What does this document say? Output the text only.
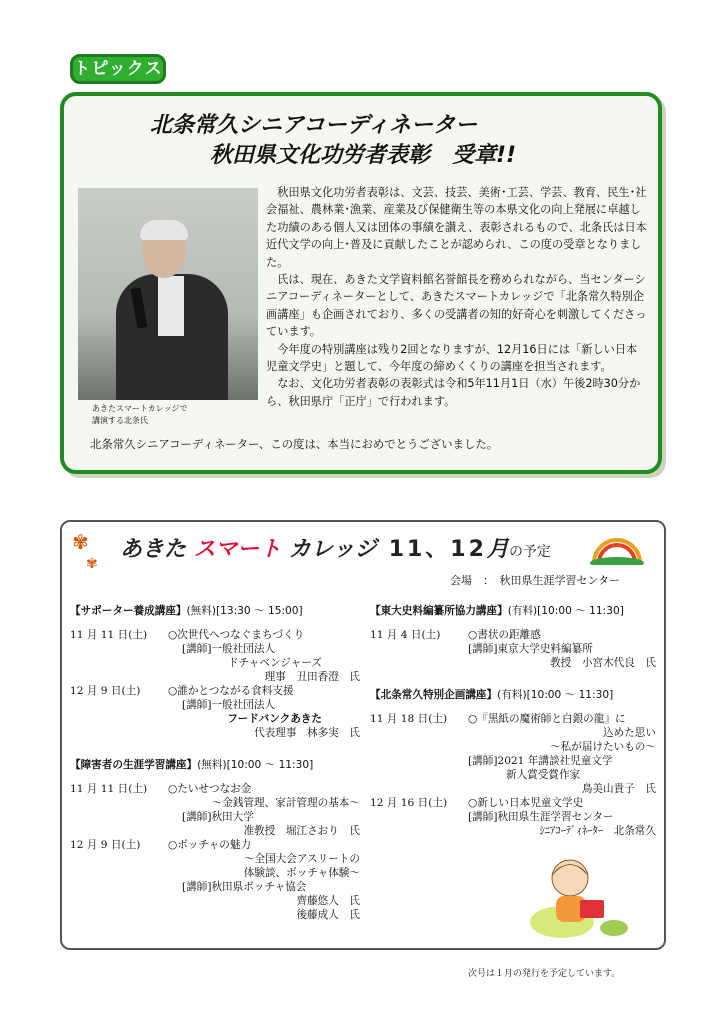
トピックス
北条常久シニアコーディネーター
秋田県文化功労者表彰　受章!!
あきたスマートカレッジで
講演する北条氏

秋田県文化功労者表彰は、文芸、技芸、美術･工芸、学芸、教育、民生･社会福祉、農林業･漁業、産業及び保健衛生等の本県文化の向上発展に卓越した功績のある個人又は団体の事績を讃え、表彰されるもので、北条氏は日本近代文学の向上･普及に貢献したことが認められ、この度の受章となりました。

氏は、現在、あきた文学資料館名誉館長を務められながら、当センターシニアコーディネーターとして、あきたスマートカレッジで「北条常久特別企画講座」も企画されており、多くの受講者の知的好奇心を刺激してくださっています。

今年度の特別講座は残り2回となりますが、12月16日には「新しい日本児童文学史」と題して、今年度の締めくくりの講座を担当されます。

なお、文化功労者表彰の表彰式は令和5年11月1日（水）午後2時30分から、秋田県庁「正庁」で行われます。

北条常久シニアコーディネーター、この度は、本当におめでとうございました。
✾
✾
あきた スマート カレッジ 11、12月の予定
会場　：　秋田県生涯学習センター
【サポーター養成講座】(無料)[13:30 ～ 15:00]
11 月 11 日(土)	○次世代へつなぐまちづくり
[講師]一般社団法人
ドチャベンジャーズ
理事　丑田香澄　氏
12 月 9 日(土)	○誰かとつながる食料支援
[講師]一般社団法人
フードバンクあきた
代表理事　林多実　氏
【障害者の生涯学習講座】(無料)[10:00 ～ 11:30]
11 月 11 日(土)	○たいせつなお金
～金銭管理、家計管理の基本～
[講師]秋田大学
准教授　堀江さおり　氏
12 月 9 日(土)	○ボッチャの魅力
～全国大会アスリートの
体験談、ボッチャ体験～
[講師]秋田県ボッチャ協会
齊藤悠人　氏
後藤成人　氏
【東大史料編纂所協力講座】(有料)[10:00 ～ 11:30]
11 月 4 日(土)	○書状の距離感
[講師]東京大学史料編纂所
教授　小宮木代良　氏
【北条常久特別企画講座】(有料)[10:00 ～ 11:30]
11 月 18 日(土)	○『黒紙の魔術師と白銀の龍』に
込めた思い
～私が届けたいもの～
[講師]2021 年講談社児童文学
新人賞受賞作家
鳥美山貴子　氏
12 月 16 日(土)	○新しい日本児童文学史
[講師]秋田県生涯学習センター
ｼﾆｱｺｰﾃﾞｨﾈｰﾀｰ　北条常久
次号は１月の発行を予定しています。
